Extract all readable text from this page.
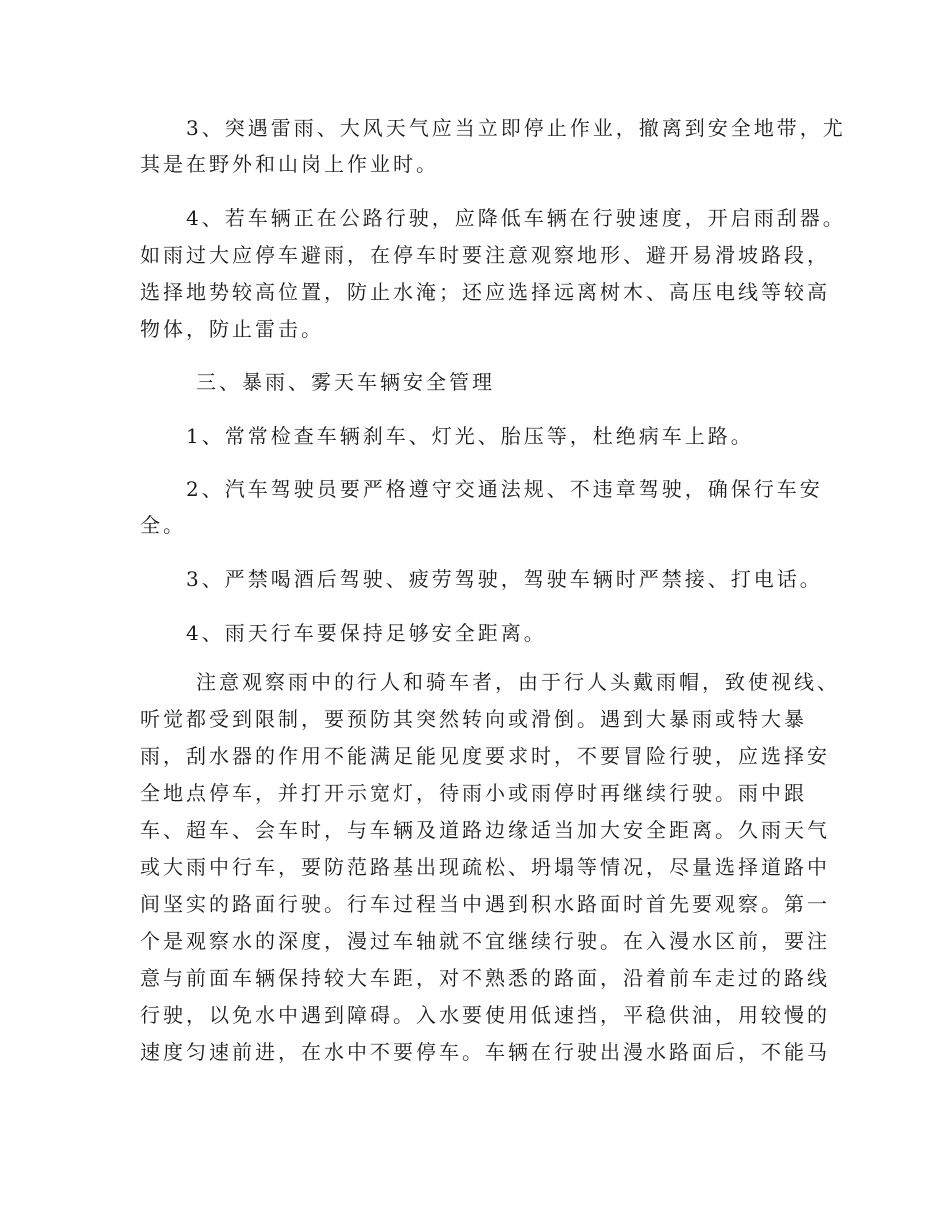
3、突遇雷雨、大风天气应当立即停止作业，撤离到安全地带，尤
其是在野外和山岗上作业时。
4、若车辆正在公路行驶，应降低车辆在行驶速度，开启雨刮器。
如雨过大应停车避雨，在停车时要注意观察地形、避开易滑坡路段，
选择地势较高位置，防止水淹；还应选择远离树木、高压电线等较高
物体，防止雷击。
三、暴雨、雾天车辆安全管理
1、常常检查车辆刹车、灯光、胎压等，杜绝病车上路。
2、汽车驾驶员要严格遵守交通法规、不违章驾驶，确保行车安
全。
3、严禁喝酒后驾驶、疲劳驾驶，驾驶车辆时严禁接、打电话。
4、雨天行车要保持足够安全距离。
注意观察雨中的行人和骑车者，由于行人头戴雨帽，致使视线、
听觉都受到限制，要预防其突然转向或滑倒。遇到大暴雨或特大暴
雨，刮水器的作用不能满足能见度要求时，不要冒险行驶，应选择安
全地点停车，并打开示宽灯，待雨小或雨停时再继续行驶。雨中跟
车、超车、会车时，与车辆及道路边缘适当加大安全距离。久雨天气
或大雨中行车，要防范路基出现疏松、坍塌等情况，尽量选择道路中
间坚实的路面行驶。行车过程当中遇到积水路面时首先要观察。第一
个是观察水的深度，漫过车轴就不宜继续行驶。在入漫水区前，要注
意与前面车辆保持较大车距，对不熟悉的路面，沿着前车走过的路线
行驶，以免水中遇到障碍。入水要使用低速挡，平稳供油，用较慢的
速度匀速前进，在水中不要停车。车辆在行驶出漫水路面后，不能马
